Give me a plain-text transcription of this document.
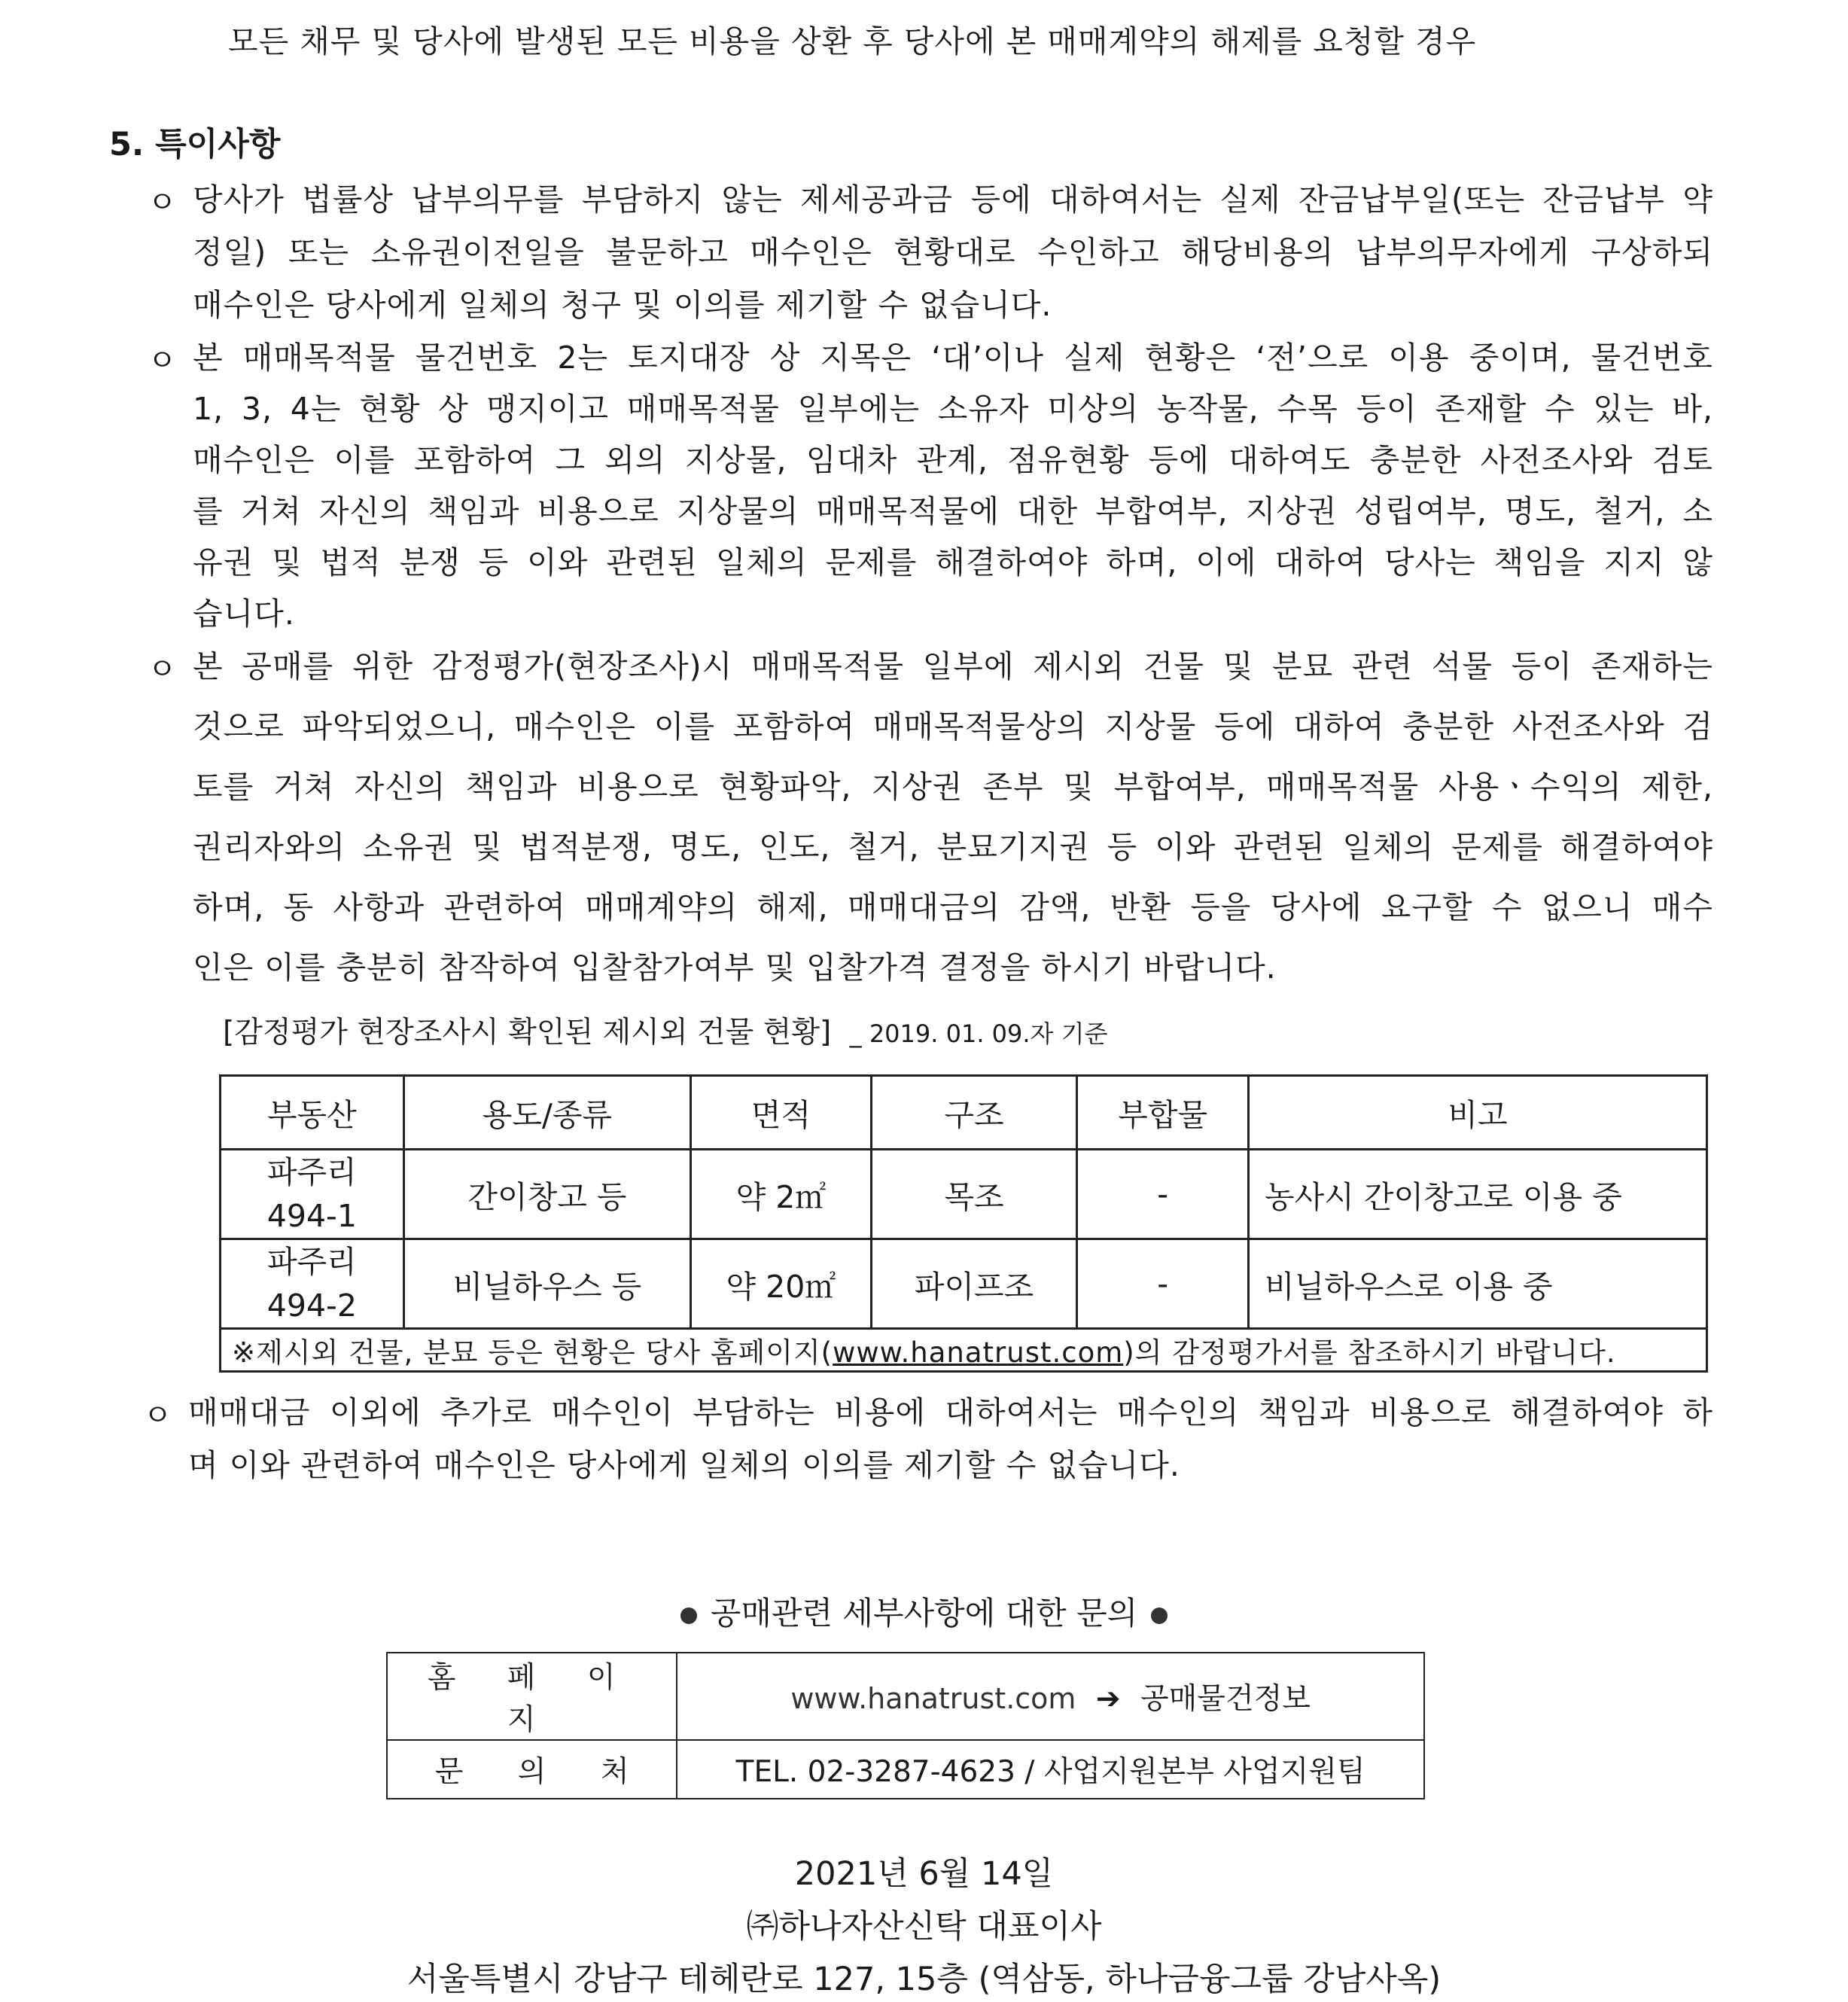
모든 채무 및 당사에 발생된 모든 비용을 상환 후 당사에 본 매매계약의 해제를 요청할 경우
5. 특이사항
ㅇ 당사가 법률상 납부의무를 부담하지 않는 제세공과금 등에 대하여서는 실제 잔금납부일(또는 잔금납부 약
정일) 또는 소유권이전일을 불문하고 매수인은 현황대로 수인하고 해당비용의 납부의무자에게 구상하되
매수인은 당사에게 일체의 청구 및 이의를 제기할 수 없습니다.
ㅇ 본 매매목적물 물건번호 2는 토지대장 상 지목은 ‘대’이나 실제 현황은 ‘전’으로 이용 중이며, 물건번호
1, 3, 4는 현황 상 맹지이고 매매목적물 일부에는 소유자 미상의 농작물, 수목 등이 존재할 수 있는 바,
매수인은 이를 포함하여 그 외의 지상물, 임대차 관계, 점유현황 등에 대하여도 충분한 사전조사와 검토
를 거쳐 자신의 책임과 비용으로 지상물의 매매목적물에 대한 부합여부, 지상권 성립여부, 명도, 철거, 소
유권 및 법적 분쟁 등 이와 관련된 일체의 문제를 해결하여야 하며, 이에 대하여 당사는 책임을 지지 않
습니다.
ㅇ 본 공매를 위한 감정평가(현장조사)시 매매목적물 일부에 제시외 건물 및 분묘 관련 석물 등이 존재하는
것으로 파악되었으니, 매수인은 이를 포함하여 매매목적물상의 지상물 등에 대하여 충분한 사전조사와 검
토를 거쳐 자신의 책임과 비용으로 현황파악, 지상권 존부 및 부합여부, 매매목적물 사용ㆍ수익의 제한,
권리자와의 소유권 및 법적분쟁, 명도, 인도, 철거, 분묘기지권 등 이와 관련된 일체의 문제를 해결하여야
하며, 동 사항과 관련하여 매매계약의 해제, 매매대금의 감액, 반환 등을 당사에 요구할 수 없으니 매수
인은 이를 충분히 참작하여 입찰참가여부 및 입찰가격 결정을 하시기 바랍니다.
[감정평가 현장조사시 확인된 제시외 건물 현황] _ 2019. 01. 09.자 기준
부동산	용도/종류	면적	구조	부합물	비고
파주리
494-1	간이창고 등	약 2㎡	목조	-	농사시 간이창고로 이용 중
파주리
494-2	비닐하우스 등	약 20㎡	파이프조	-	비닐하우스로 이용 중
※제시외 건물, 분묘 등은 현황은 당사 홈페이지(www.hanatrust.com)의 감정평가서를 참조하시기 바랍니다.					
ㅇ 매매대금 이외에 추가로 매수인이 부담하는 비용에 대하여서는 매수인의 책임과 비용으로 해결하여야 하
며 이와 관련하여 매수인은 당사에게 일체의 이의를 제기할 수 없습니다.
공매관련 세부사항에 대한 문의
홈 페 이 지	www.hanatrust.com ➔ 공매물건정보
문 의 처	TEL. 02-3287-4623 / 사업지원본부 사업지원팀
2021년 6월 14일
㈜하나자산신탁 대표이사
서울특별시 강남구 테헤란로 127, 15층 (역삼동, 하나금융그룹 강남사옥)
